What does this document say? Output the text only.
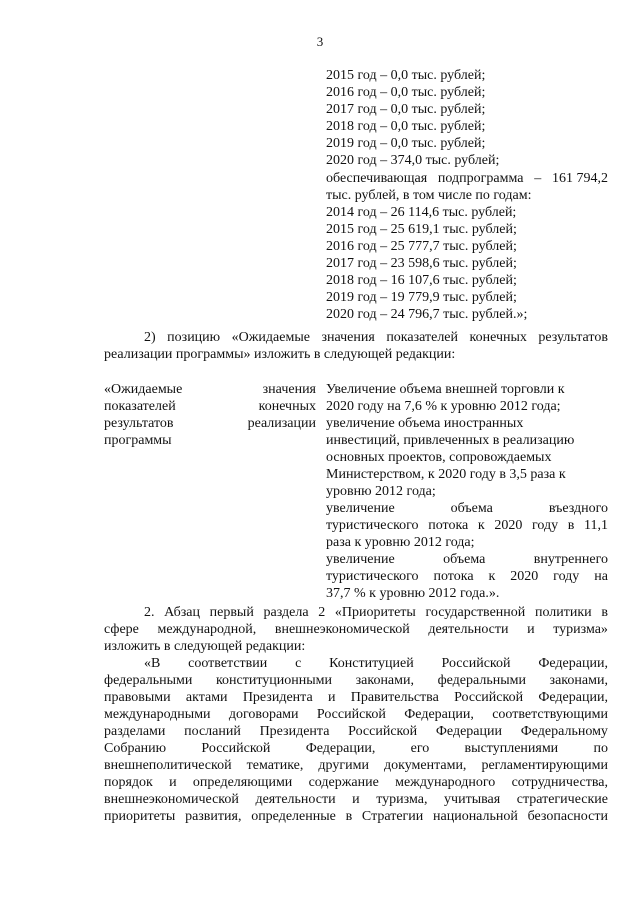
3
2015 год – 0,0 тыс. рублей;
2016 год – 0,0 тыс. рублей;
2017 год – 0,0 тыс. рублей;
2018 год – 0,0 тыс. рублей;
2019 год – 0,0 тыс. рублей;
2020 год – 374,0 тыс. рублей;
обеспечивающая подпрограмма – 161 794,2
тыс. рублей, в том числе по годам:
2014 год – 26 114,6 тыс. рублей;
2015 год – 25 619,1 тыс. рублей;
2016 год – 25 777,7 тыс. рублей;
2017 год – 23 598,6 тыс. рублей;
2018 год – 16 107,6 тыс. рублей;
2019 год – 19 779,9 тыс. рублей;
2020 год – 24 796,7 тыс. рублей.»;
2) позицию «Ожидаемые значения показателей конечных результатов
реализации программы» изложить в следующей редакции:
«Ожидаемые	значения
показателей	конечных
результатов	реализации
программы
Увеличение объема внешней торговли к
2020 году на 7,6 % к уровню 2012 года;
увеличение объема иностранных
инвестиций, привлеченных в реализацию
основных проектов, сопровождаемых
Министерством, к 2020 году в 3,5 раза к
уровню 2012 года;
увеличение	объема	въездного
туристического потока к 2020 году в 11,1
раза к уровню 2012 года;
увеличение	объема	внутреннего
туристического потока к 2020 году на
37,7 % к уровню 2012 года.».
2. Абзац первый раздела 2 «Приоритеты государственной политики в
сфере международной, внешнеэкономической деятельности и туризма»
изложить в следующей редакции:
«В соответствии с Конституцией Российской Федерации,
федеральными конституционными законами, федеральными законами,
правовыми актами Президента и Правительства Российской Федерации,
международными договорами Российской Федерации, соответствующими
разделами посланий Президента Российской Федерации Федеральному
Собранию	Российской	Федерации,	его	выступлениями	по
внешнеполитической тематике, другими документами, регламентирующими
порядок и определяющими содержание международного сотрудничества,
внешнеэкономической деятельности и туризма, учитывая стратегические
приоритеты развития, определенные в Стратегии национальной безопасности
